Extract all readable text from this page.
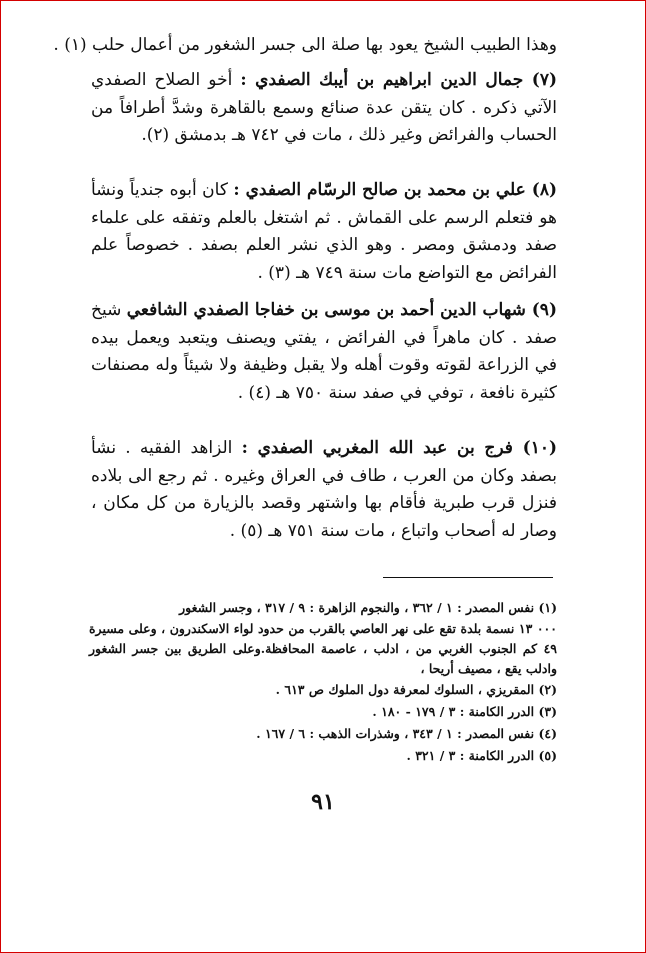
وهذا الطبيب الشيخ يعود بها صلة الى جسر الشغور من أعمال حلب (١) .

(٧) جمال الدين ابراهيم بن أيبك الصفدي : أخو الصلاح الصفدي الآتي ذكره . كان يتقن عدة صنائع وسمع بالقاهرة وشدَّ أطرافاً من الحساب والفرائض وغير ذلك ، مات في ٧٤٢ هـ بدمشق (٢).

(٨) علي بن محمد بن صالح الرسّام الصفدي : كان أبوه جندياً ونشأ هو فتعلم الرسم على القماش . ثم اشتغل بالعلم وتفقه على علماء صفد ودمشق ومصر . وهو الذي نشر العلم بصفد . خصوصاً علم الفرائض مع التواضع مات سنة ٧٤٩ هـ (٣) .

(٩) شهاب الدين أحمد بن موسى بن خفاجا الصفدي الشافعي شيخ صفد . كان ماهراً في الفرائض ، يفتي ويصنف ويتعبد ويعمل بيده في الزراعة لقوته وقوت أهله ولا يقبل وظيفة ولا شيئاً وله مصنفات كثيرة نافعة ، توفي في صفد سنة ٧٥٠ هـ (٤) .

(١٠) فرج بن عبد الله المغربي الصفدي : الزاهد الفقيه . نشأ بصفد وكان من العرب ، طاف في العراق وغيره . ثم رجع الى بلاده فنزل قرب طبرية فأقام بها واشتهر وقصد بالزيارة من كل مكان ، وصار له أصحاب واتباع ، مات سنة ٧٥١ هـ (٥) .

(١) نفس المصدر : ١ / ٣٦٢ ، والنجوم الزاهرة : ٩ / ٣١٧ ، وجسر الشغور

٠٠٠ ١٣ نسمة بلدة تقع على نهر العاصي بالقرب من حدود لواء الاسكندرون ، وعلى مسيرة ٤٩ كم الجنوب الغربي من ، ادلب ، عاصمة المحافظة.وعلى الطريق بين جسر الشغور وادلب يقع ، مصيف أريحا ،

(٢) المقريزي ، السلوك لمعرفة دول الملوك ص ٦١٣ .

(٣) الدرر الكامنة : ٣ / ١٧٩ - ١٨٠ .

(٤) نفس المصدر : ١ / ٣٤٣ ، وشذرات الذهب : ٦ / ١٦٧ .

(٥) الدرر الكامنة : ٣ / ٣٢١ .

٩١
